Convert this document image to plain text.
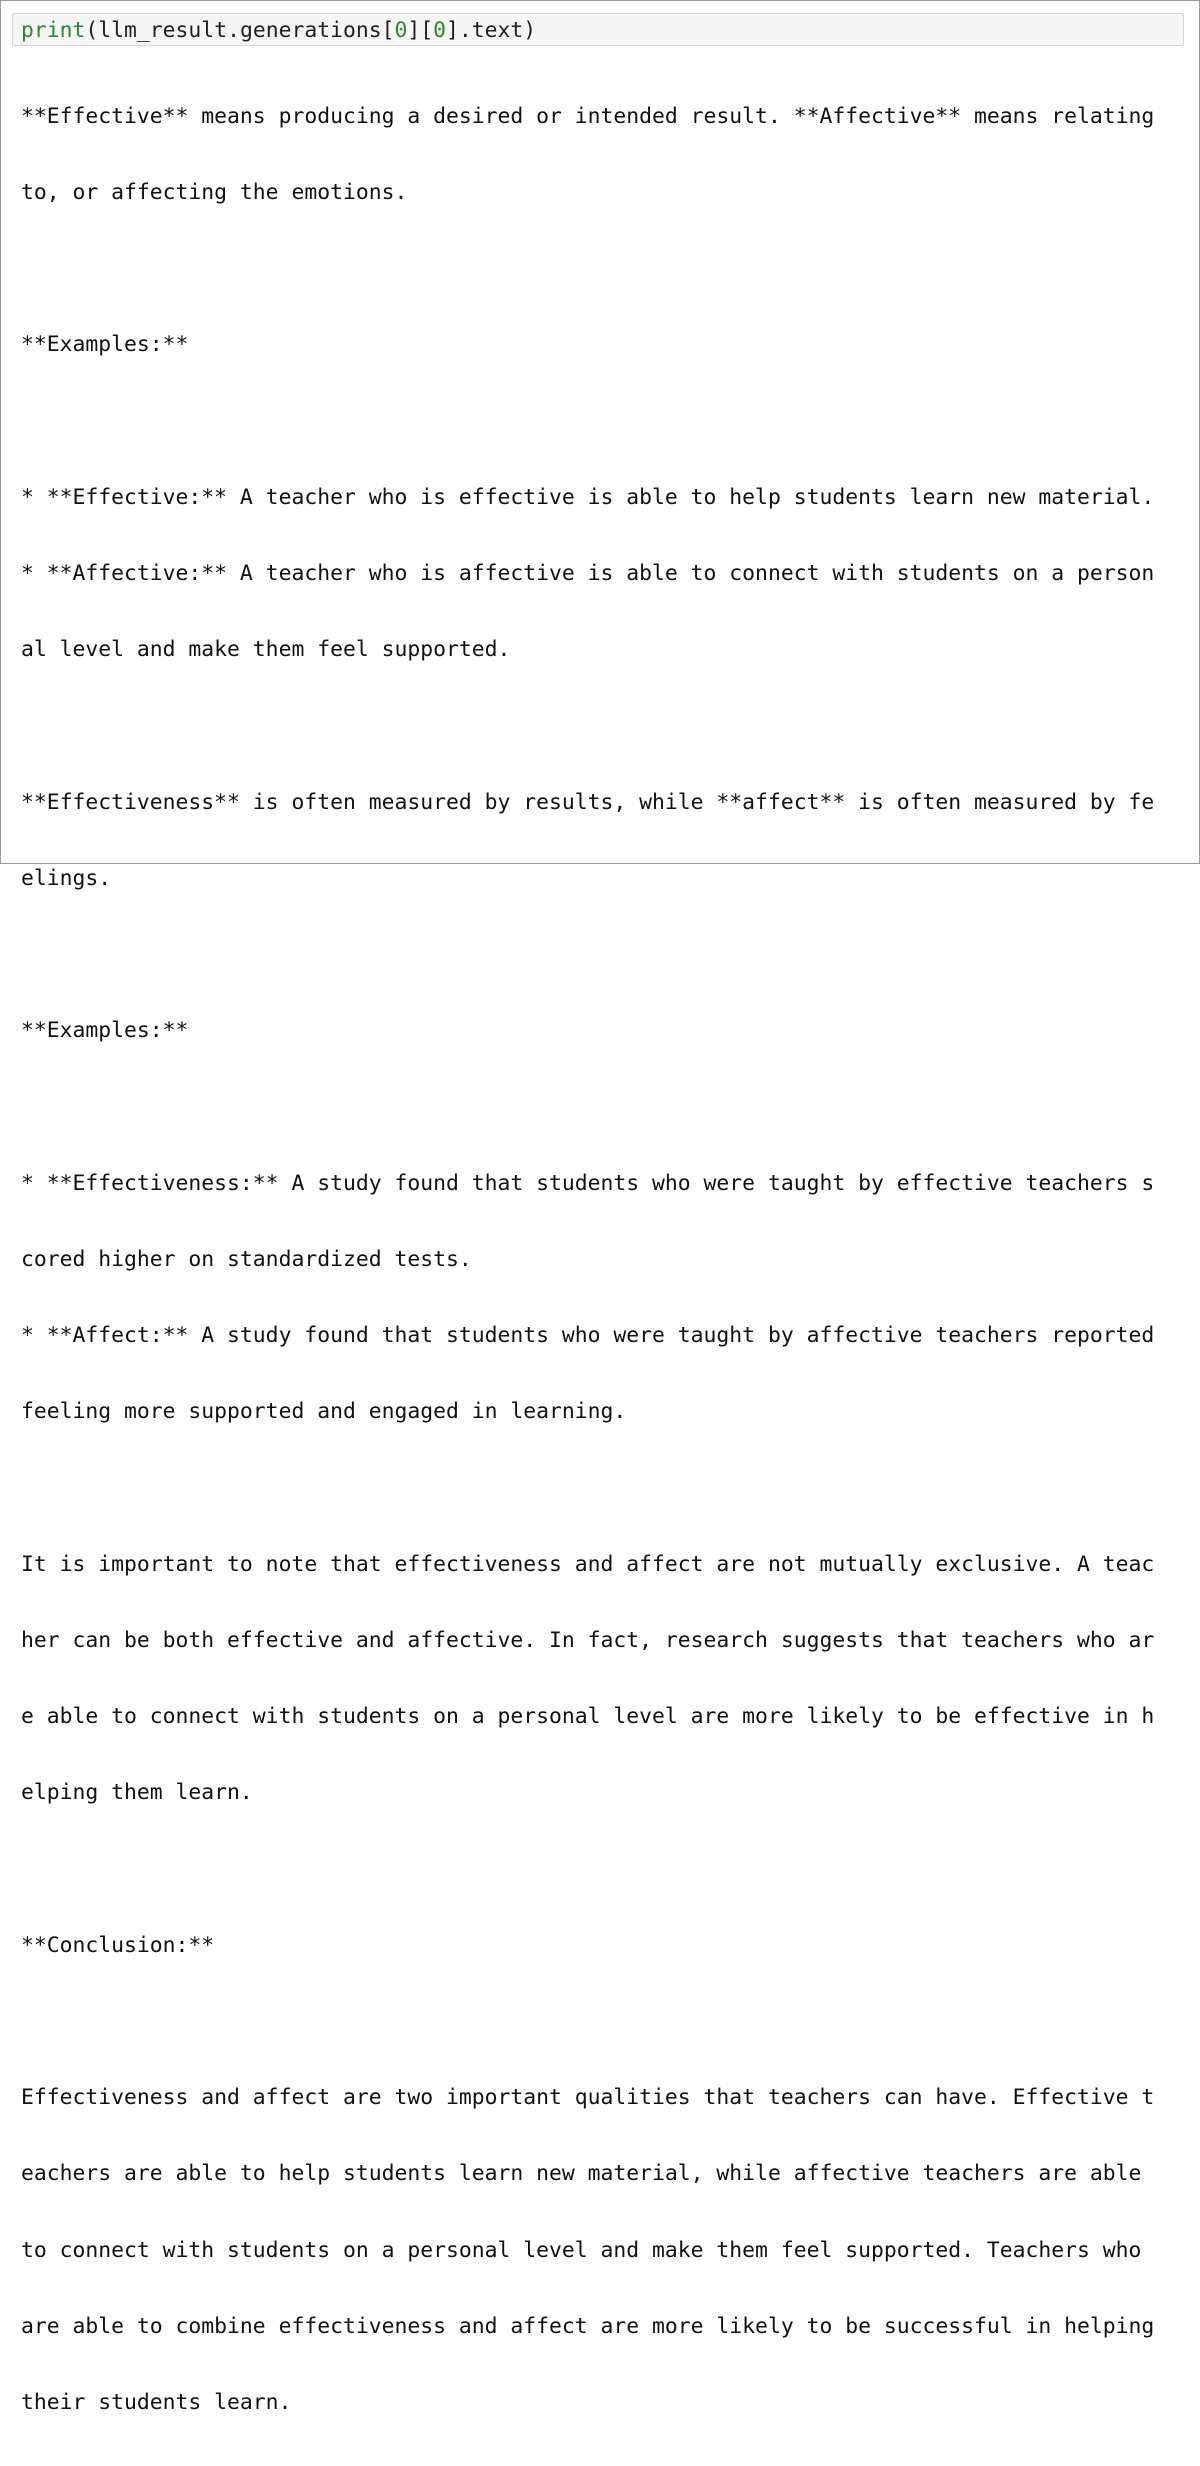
print(llm_result.generations[0][0].text)

**Effective** means producing a desired or intended result. **Affective** means relating

to, or affecting the emotions.

**Examples:**

* **Effective:** A teacher who is effective is able to help students learn new material.

* **Affective:** A teacher who is affective is able to connect with students on a person

al level and make them feel supported.

**Effectiveness** is often measured by results, while **affect** is often measured by fe

elings.

**Examples:**

* **Effectiveness:** A study found that students who were taught by effective teachers s

cored higher on standardized tests.

* **Affect:** A study found that students who were taught by affective teachers reported

feeling more supported and engaged in learning.

It is important to note that effectiveness and affect are not mutually exclusive. A teac

her can be both effective and affective. In fact, research suggests that teachers who ar

e able to connect with students on a personal level are more likely to be effective in h

elping them learn.

**Conclusion:**

Effectiveness and affect are two important qualities that teachers can have. Effective t

eachers are able to help students learn new material, while affective teachers are able

to connect with students on a personal level and make them feel supported. Teachers who

are able to combine effectiveness and affect are more likely to be successful in helping

their students learn.
